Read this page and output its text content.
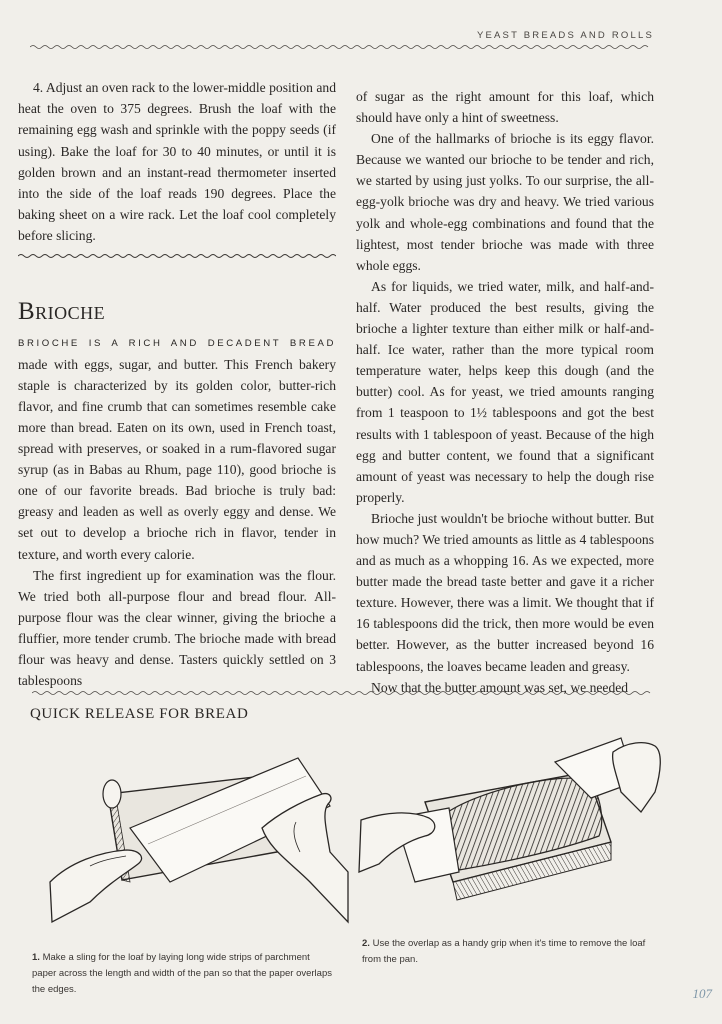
YEAST BREADS AND ROLLS

4. Adjust an oven rack to the lower-middle position and heat the oven to 375 degrees. Brush the loaf with the remaining egg wash and sprinkle with the poppy seeds (if using). Bake the loaf for 30 to 40 minutes, or until it is golden brown and an instant-read thermometer inserted into the side of the loaf reads 190 degrees. Place the baking sheet on a wire rack. Let the loaf cool completely before slicing.

Brioche

BRIOCHE IS A RICH AND DECADENT BREAD made with eggs, sugar, and butter. This French bakery staple is characterized by its golden color, butter-rich flavor, and fine crumb that can sometimes resemble cake more than bread. Eaten on its own, used in French toast, spread with preserves, or soaked in a rum-flavored sugar syrup (as in Babas au Rhum, page 110), good brioche is one of our favorite breads. Bad brioche is truly bad: greasy and leaden as well as overly eggy and dense. We set out to develop a brioche rich in flavor, tender in texture, and worth every calorie.

The first ingredient up for examination was the flour. We tried both all-purpose flour and bread flour. All-purpose flour was the clear winner, giving the brioche a fluffier, more tender crumb. The brioche made with bread flour was heavy and dense. Tasters quickly settled on 3 tablespoons

of sugar as the right amount for this loaf, which should have only a hint of sweetness.

One of the hallmarks of brioche is its eggy flavor. Because we wanted our brioche to be tender and rich, we started by using just yolks. To our surprise, the all-egg-yolk brioche was dry and heavy. We tried various yolk and whole-egg combinations and found that the lightest, most tender brioche was made with three whole eggs.

As for liquids, we tried water, milk, and half-and-half. Water produced the best results, giving the brioche a lighter texture than either milk or half-and-half. Ice water, rather than the more typical room temperature water, helps keep this dough (and the butter) cool. As for yeast, we tried amounts ranging from 1 teaspoon to 1½ tablespoons and got the best results with 1 tablespoon of yeast. Because of the high egg and butter content, we found that a significant amount of yeast was necessary to help the dough rise properly.

Brioche just wouldn't be brioche without butter. But how much? We tried amounts as little as 4 tablespoons and as much as a whopping 16. As we expected, more butter made the bread taste better and gave it a richer texture. However, there was a limit. We thought that if 16 tablespoons did the trick, then more would be even better. However, as the butter increased beyond 16 tablespoons, the loaves became leaden and greasy.

Now that the butter amount was set, we needed

QUICK RELEASE FOR BREAD
1. Make a sling for the loaf by laying long wide strips of parchment paper across the length and width of the pan so that the paper overlaps the edges.
2. Use the overlap as a handy grip when it's time to remove the loaf from the pan.
107
